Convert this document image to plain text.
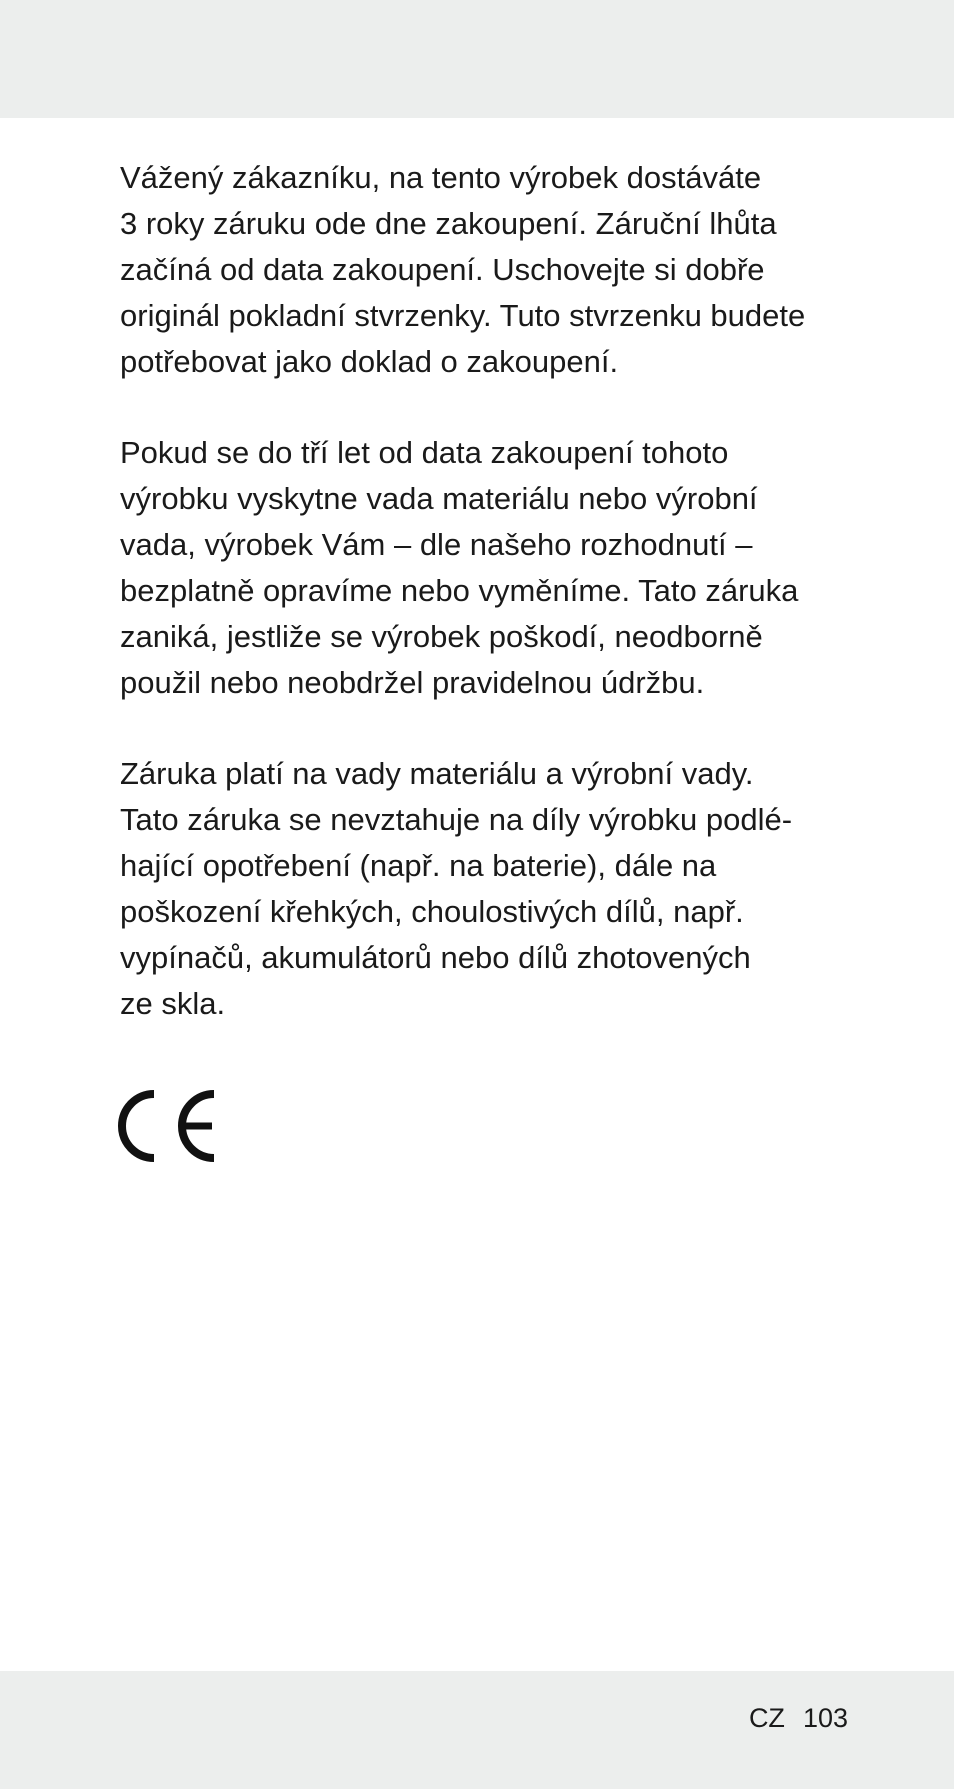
Vážený zákazníku, na tento výrobek dostáváte
3 roky záruku ode dne zakoupení. Záruční lhůta
začíná od data zakoupení. Uschovejte si dobře
originál pokladní stvrzenky. Tuto stvrzenku budete
potřebovat jako doklad o zakoupení.

Pokud se do tří let od data zakoupení tohoto
výrobku vyskytne vada materiálu nebo výrobní
vada, výrobek Vám – dle našeho rozhodnutí –
bezplatně opravíme nebo vyměníme. Tato záruka
zaniká, jestliže se výrobek poškodí, neodborně
použil nebo neobdržel pravidelnou údržbu.

Záruka platí na vady materiálu a výrobní vady.
Tato záruka se nevztahuje na díly výrobku podlé-
hající opotřebení (např. na baterie), dále na
poškození křehkých, choulostivých dílů, např.
vypínačů, akumulátorů nebo dílů zhotovených
ze skla.

CZ 103
